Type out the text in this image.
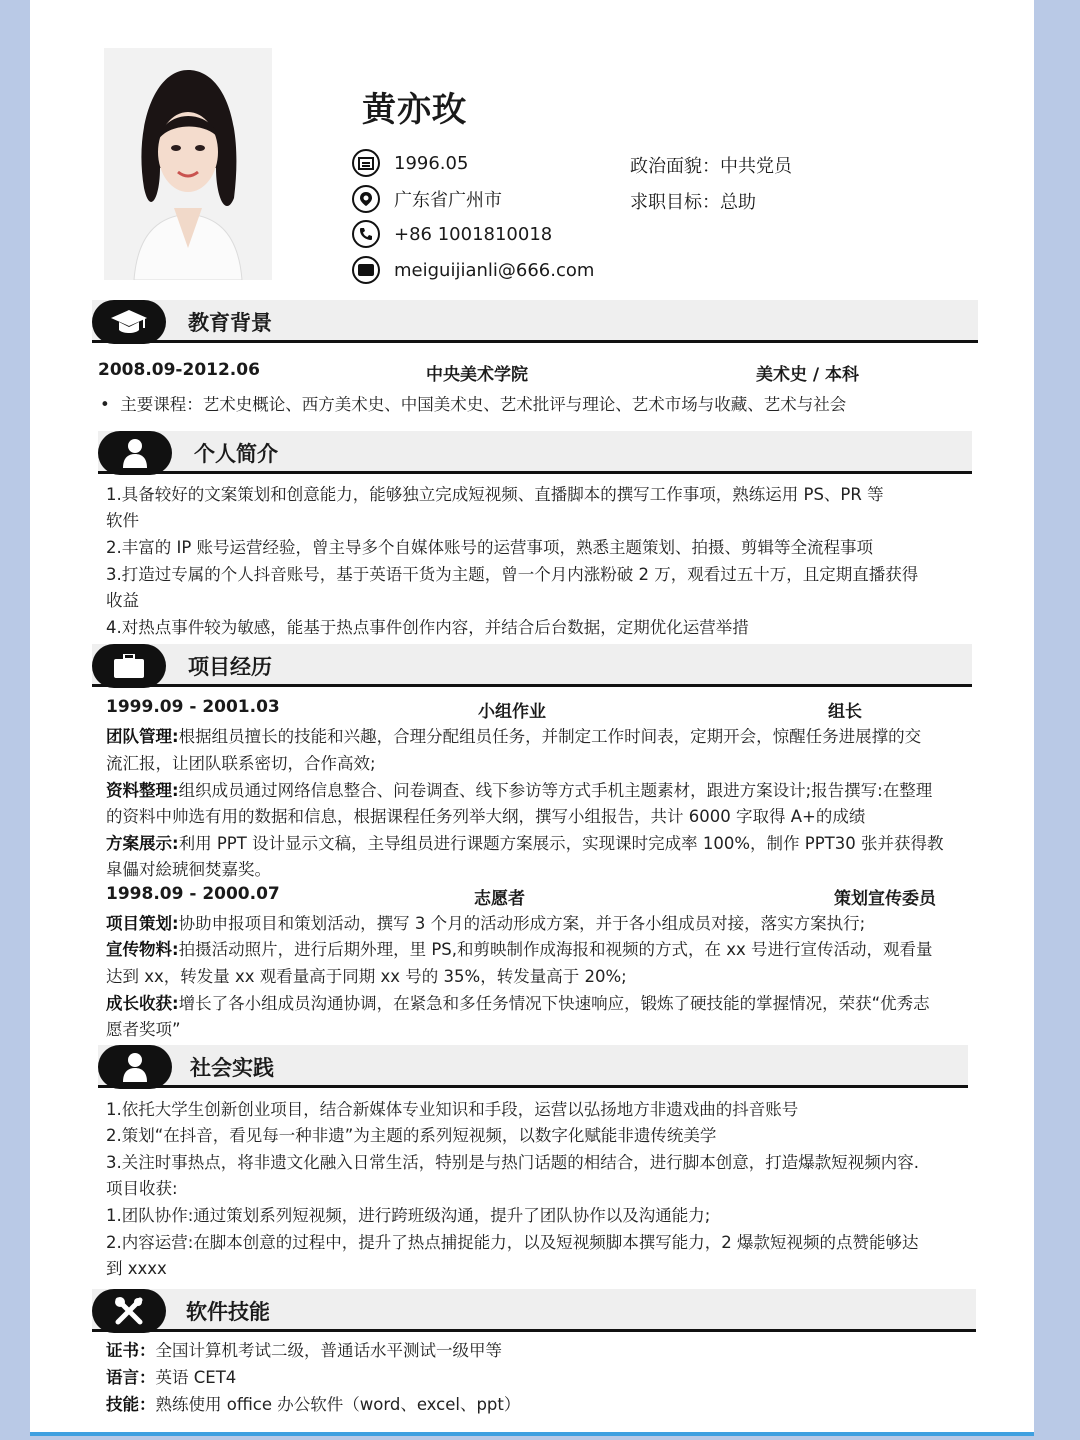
黄亦玫
1996.05
广东省广州市
+86 1001810018
meiguijianli@666.com
政治面貌：中共党员
求职目标：总助
教育背景
2008.09-2012.06	中央美术学院	美术史 / 本科
•  主要课程：艺术史概论、西方美术史、中国美术史、艺术批评与理论、艺术市场与收藏、艺术与社会
个人简介
1.具备较好的文案策划和创意能力，能够独立完成短视频、直播脚本的撰写工作事项，熟练运用 PS、PR 等
软件
2.丰富的 IP 账号运营经验，曾主导多个自媒体账号的运营事项，熟悉主题策划、拍摄、剪辑等全流程事项
3.打造过专属的个人抖音账号，基于英语干货为主题，曾一个月内涨粉破 2 万，观看过五十万，且定期直播获得
收益
4.对热点事件较为敏感，能基于热点事件创作内容，并结合后台数据，定期优化运营举措
项目经历
1999.09 - 2001.03	小组作业	组长
团队管理:根据组员擅长的技能和兴趣，合理分配组员任务，并制定工作时间表，定期开会，惊醒任务进展撑的交
流汇报，让团队联系密切，合作高效;
资料整理:组织成员通过网络信息整合、问卷调查、线下参访等方式手机主题素材，跟进方案设计;报告撰写:在整理
的资料中帅选有用的数据和信息，根据课程任务列举大纲，撰写小组报告，共计 6000 字取得 A+的成绩
方案展示:利用 PPT 设计显示文稿，主导组员进行课题方案展示，实现课时完成率 100%，制作 PPT30 张并获得教
皐儡对絵琥徊焚嘉奖。
1998.09 - 2000.07	志愿者	策划宣传委员
项目策划:协助申报项目和策划活动，撰写 3 个月的活动形成方案，并于各小组成员对接，落实方案执行;
宣传物料:拍摄活动照片，进行后期外理，里 PS,和剪映制作成海报和视频的方式，在 xx 号进行宣传活动，观看量
达到 xx，转发量 xx 观看量高于同期 xx 号的 35%，转发量高于 20%;
成长收获:增长了各小组成员沟通协调，在紧急和多任务情况下快速响应，锻炼了硬技能的掌握情况，荣获“优秀志
愿者奖项”
社会实践
1.依托大学生创新创业项目，结合新媒体专业知识和手段，运营以弘扬地方非遗戏曲的抖音账号
2.策划“在抖音，看见每一种非遗”为主题的系列短视频，以数字化赋能非遗传统美学
3.关注时事热点，将非遗文化融入日常生活，特别是与热门话题的相结合，进行脚本创意，打造爆款短视频内容.
项目收获:
1.团队协作:通过策划系列短视频，进行跨班级沟通，提升了团队协作以及沟通能力;
2.内容运营:在脚本创意的过程中，提升了热点捕捉能力，以及短视频脚本撰写能力，2 爆款短视频的点赞能够达
到 xxxx
软件技能
证书：全国计算机考试二级，普通话水平测试一级甲等
语言：英语 CET4
技能：熟练使用 office 办公软件（word、excel、ppt）
